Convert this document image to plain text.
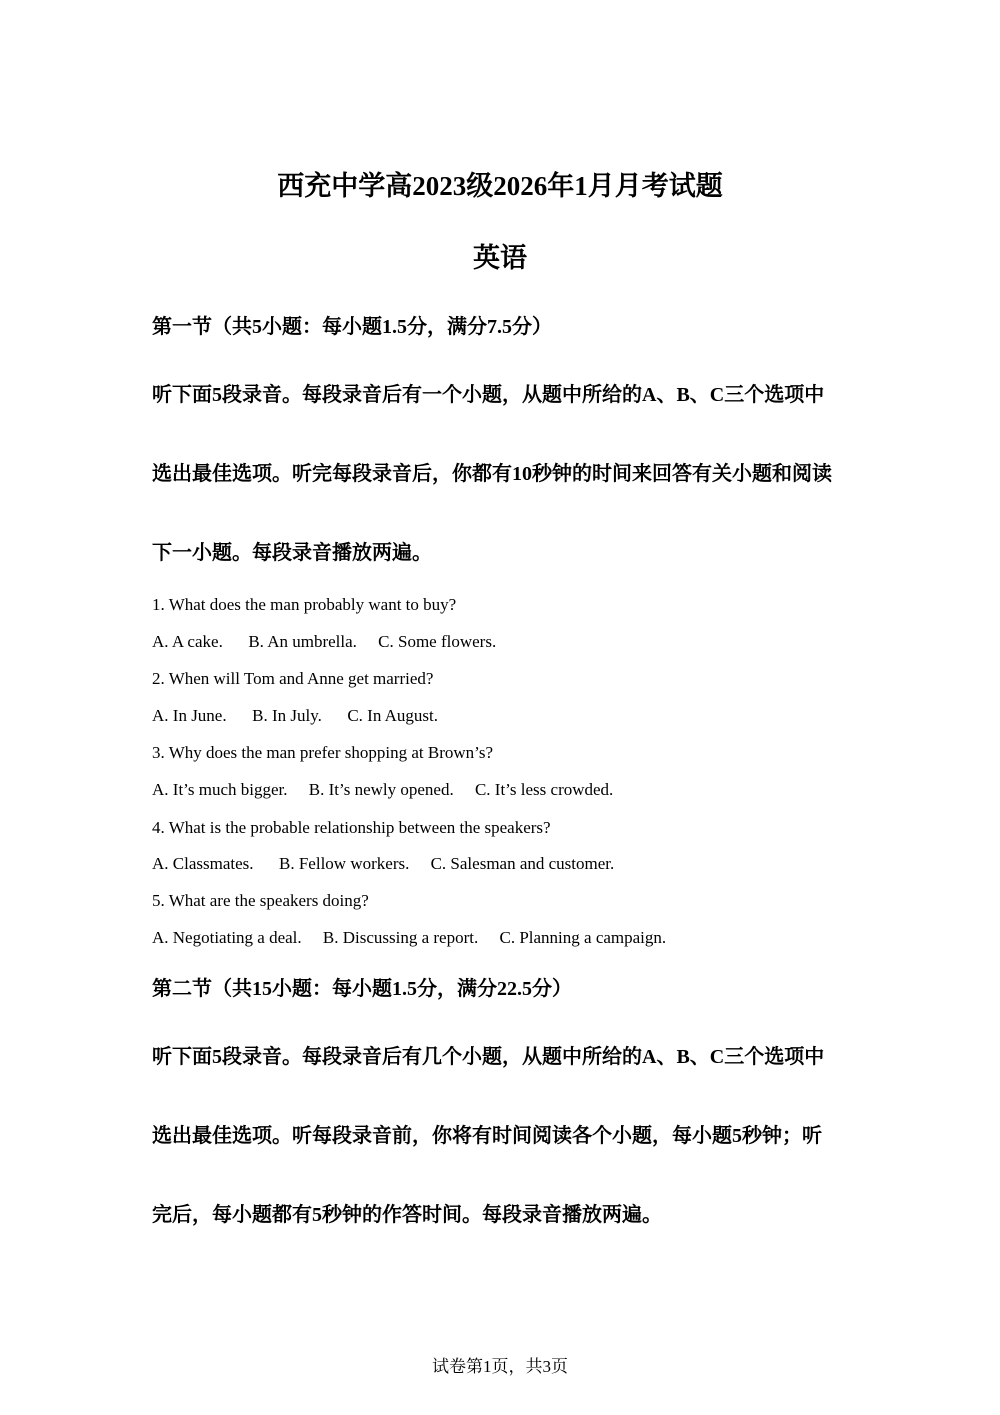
西充中学高2023级2026年1月月考试题
英语
第一节（共5小题：每小题1.5分，满分7.5分）
听下面5段录音。每段录音后有一个小题，从题中所给的A、B、C三个选项中
选出最佳选项。听完每段录音后，你都有10秒钟的时间来回答有关小题和阅读
下一小题。每段录音播放两遍。
1. What does the man probably want to buy?
A. A cake.      B. An umbrella.     C. Some flowers.
2. When will Tom and Anne get married?
A. In June.      B. In July.      C. In August.
3. Why does the man prefer shopping at Brown’s?
A. It’s much bigger.     B. It’s newly opened.     C. It’s less crowded.
4. What is the probable relationship between the speakers?
A. Classmates.      B. Fellow workers.     C. Salesman and customer.
5. What are the speakers doing?
A. Negotiating a deal.     B. Discussing a report.     C. Planning a campaign.
第二节（共15小题：每小题1.5分，满分22.5分）
听下面5段录音。每段录音后有几个小题，从题中所给的A、B、C三个选项中
选出最佳选项。听每段录音前，你将有时间阅读各个小题，每小题5秒钟；听
完后，每小题都有5秒钟的作答时间。每段录音播放两遍。
试卷第1页，共3页
